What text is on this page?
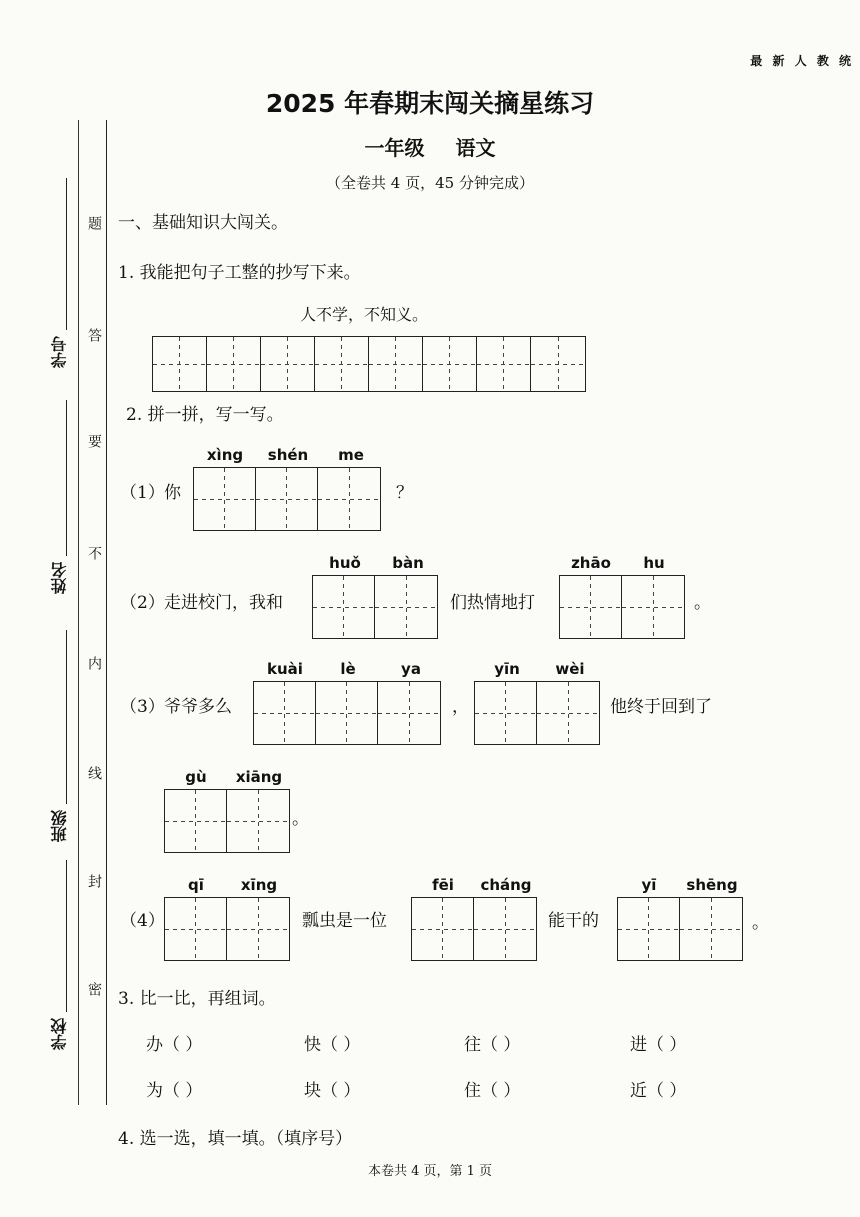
最 新 人 教 统
2025 年春期末闯关摘星练习
一年级 语文
（全卷共 4 页，45 分钟完成）
题
答
要
不
内
线
封
密
学号
姓名
班级
学校
一、基础知识大闯关。
1. 我能把句子工整的抄写下来。
人不学，不知义。
2. 拼一拼，写一写。
（1） 你
xìng	shén	me
？
（2） 走进校门，我和
huǒ	bàn
们热情地打
zhāo	hu
。
（3） 爷爷多么
kuài	lè	ya
，
yīn	wèi
他终于回到了
gù	xiāng
。
（4）
qī	xīng
瓢虫是一位
fēi	cháng
能干的
yī	shēng
。
3. 比一比，再组词。
办（ ）	快（ ）	往（ ）	进（ ）
为（ ）	块（ ）	住（ ）	近（ ）
4. 选一选，填一填。（填序号）
本卷共 4 页，第 1 页
